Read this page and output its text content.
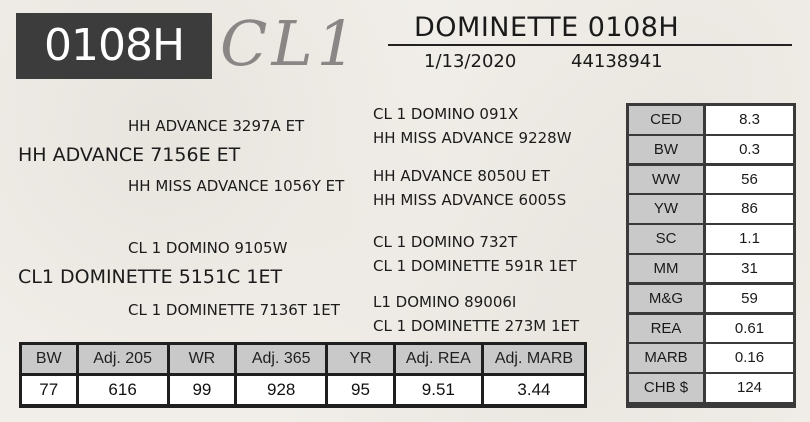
0108H CL1 DOMINETTE 0108H
1/13/2020	44138941
HH ADVANCE 3297A ET
HH ADVANCE 7156E ET
HH MISS ADVANCE 1056Y ET
CL 1 DOMINO 091X
HH MISS ADVANCE 9228W
HH ADVANCE 8050U ET
HH MISS ADVANCE 6005S
CL 1 DOMINO 9105W
CL1 DOMINETTE 5151C 1ET
CL 1 DOMINETTE 7136T 1ET
CL 1 DOMINO 732T
CL 1 DOMINETTE 591R 1ET
L1 DOMINO 89006I
CL 1 DOMINETTE 273M 1ET
CED	8.3
BW	0.3
WW	56
YW	86
SC	1.1
MM	31
M&G	59
REA	0.61
MARB	0.16
CHB $	124
BW	Adj. 205	WR	Adj. 365	YR	Adj. REA	Adj. MARB
77	616	99	928	95	9.51	3.44
